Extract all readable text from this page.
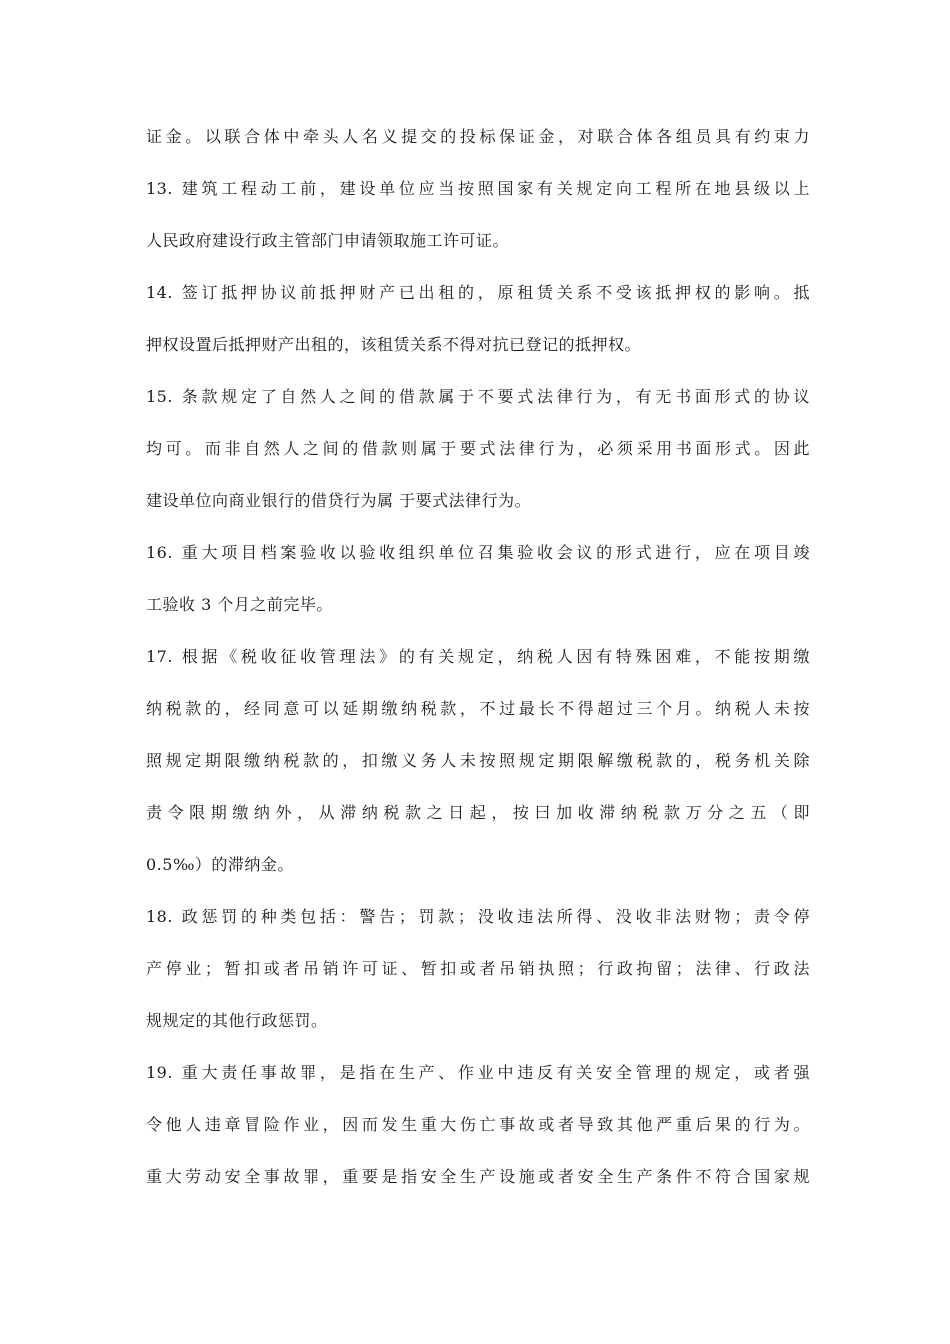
证金。以联合体中牵头人名义提交的投标保证金，对联合体各组员具有约束力
13. 建筑工程动工前，建设单位应当按照国家有关规定向工程所在地县级以上
人民政府建设行政主管部门申请领取施工许可证。
14. 签订抵押协议前抵押财产已出租的，原租赁关系不受该抵押权的影响。抵
押权设置后抵押财产出租的，该租赁关系不得对抗已登记的抵押权。
15. 条款规定了自然人之间的借款属于不要式法律行为，有无书面形式的协议
均可。而非自然人之间的借款则属于要式法律行为，必须采用书面形式。因此
建设单位向商业银行的借贷行为属 于要式法律行为。
16. 重大项目档案验收以验收组织单位召集验收会议的形式进行，应在项目竣
工验收 3 个月之前完毕。
17. 根据《税收征收管理法》的有关规定，纳税人因有特殊困难，不能按期缴
纳税款的，经同意可以延期缴纳税款，不过最长不得超过三个月。纳税人未按
照规定期限缴纳税款的，扣缴义务人未按照规定期限解缴税款的，税务机关除
责令限期缴纳外，从滞纳税款之日起，按曰加收滞纳税款万分之五（即
0.5‰）的滞纳金。
18. 政惩罚的种类包括：警告；罚款；没收违法所得、没收非法财物；责令停
产停业；暂扣或者吊销许可证、暂扣或者吊销执照；行政拘留；法律、行政法
规规定的其他行政惩罚。
19. 重大责任事故罪，是指在生产、作业中违反有关安全管理的规定，或者强
令他人违章冒险作业，因而发生重大伤亡事故或者导致其他严重后果的行为。
重大劳动安全事故罪，重要是指安全生产设施或者安全生产条件不符合国家规
